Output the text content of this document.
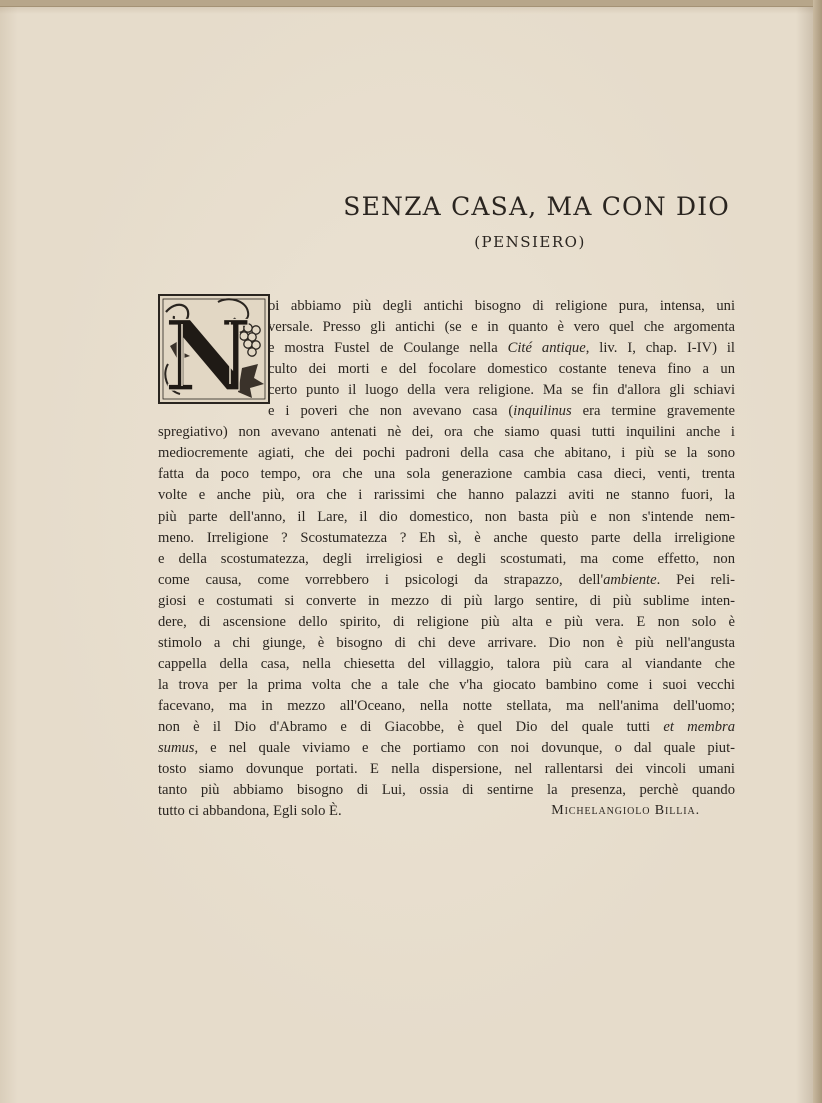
SENZA CASA, MA CON DIO
(PENSIERO)
N oi abbiamo più degli antichi bisogno di religione pura, intensa, uni
versale. Presso gli antichi (se e in quanto è vero quel che argomenta
e mostra Fustel de Coulange nella Cité antique, liv. I, chap. I-IV) il
culto dei morti e del focolare domestico costante teneva fino a un
certo punto il luogo della vera religione. Ma se fin d'allora gli schiavi
e i poveri che non avevano casa (inquilinus era termine gravemente
spregiativo) non avevano antenati nè dei, ora che siamo quasi tutti inquilini anche i
mediocremente agiati, che dei pochi padroni della casa che abitano, i più se la sono
fatta da poco tempo, ora che una sola generazione cambia casa dieci, venti, trenta
volte e anche più, ora che i rarissimi che hanno palazzi aviti ne stanno fuori, la
più parte dell'anno, il Lare, il dio domestico, non basta più e non s'intende nem-
meno. Irreligione ? Scostumatezza ? Eh sì, è anche questo parte della irreligione
e della scostumatezza, degli irreligiosi e degli scostumati, ma come effetto, non
come causa, come vorrebbero i psicologi da strapazzo, dell'ambiente. Pei reli-
giosi e costumati si converte in mezzo di più largo sentire, di più sublime inten-
dere, di ascensione dello spirito, di religione più alta e più vera. E non solo è
stimolo a chi giunge, è bisogno di chi deve arrivare. Dio non è più nell'angusta
cappella della casa, nella chiesetta del villaggio, talora più cara al viandante che
la trova per la prima volta che a tale che v'ha giocato bambino come i suoi vecchi
facevano, ma in mezzo all'Oceano, nella notte stellata, ma nell'anima dell'uomo;
non è il Dio d'Abramo e di Giacobbe, è quel Dio del quale tutti et membra
sumus, e nel quale viviamo e che portiamo con noi dovunque, o dal quale piut-
tosto siamo dovunque portati. E nella dispersione, nel rallentarsi dei vincoli umani
tanto più abbiamo bisogno di Lui, ossia di sentirne la presenza, perchè quando
tutto ci abbandona, Egli solo È.	Michelangiolo Billia.
